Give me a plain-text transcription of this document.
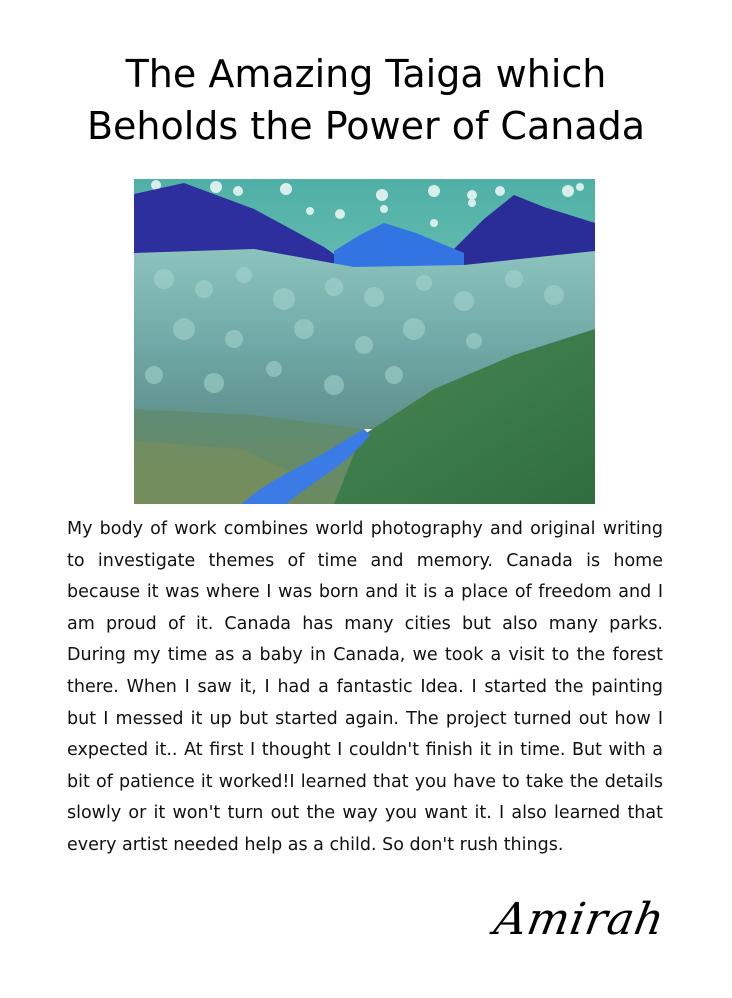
The Amazing Taiga which
Beholds the Power of Canada

My body of work combines world photography and original writing to investigate themes of time and memory. Canada is home because it was where I was born and it is a place of freedom and I am proud of it. Canada has many cities but also many parks. During my time as a baby in Canada, we took a visit to the forest there. When I saw it, I had a fantastic Idea. I started the painting but I messed it up but started again. The project turned out how I expected it.. At first I thought I couldn't finish it in time. But with a bit of patience it worked!I learned that you have to take the details slowly or it won't turn out the way you want it. I also learned that every artist needed help as a child. So don't rush things.

Amirah
